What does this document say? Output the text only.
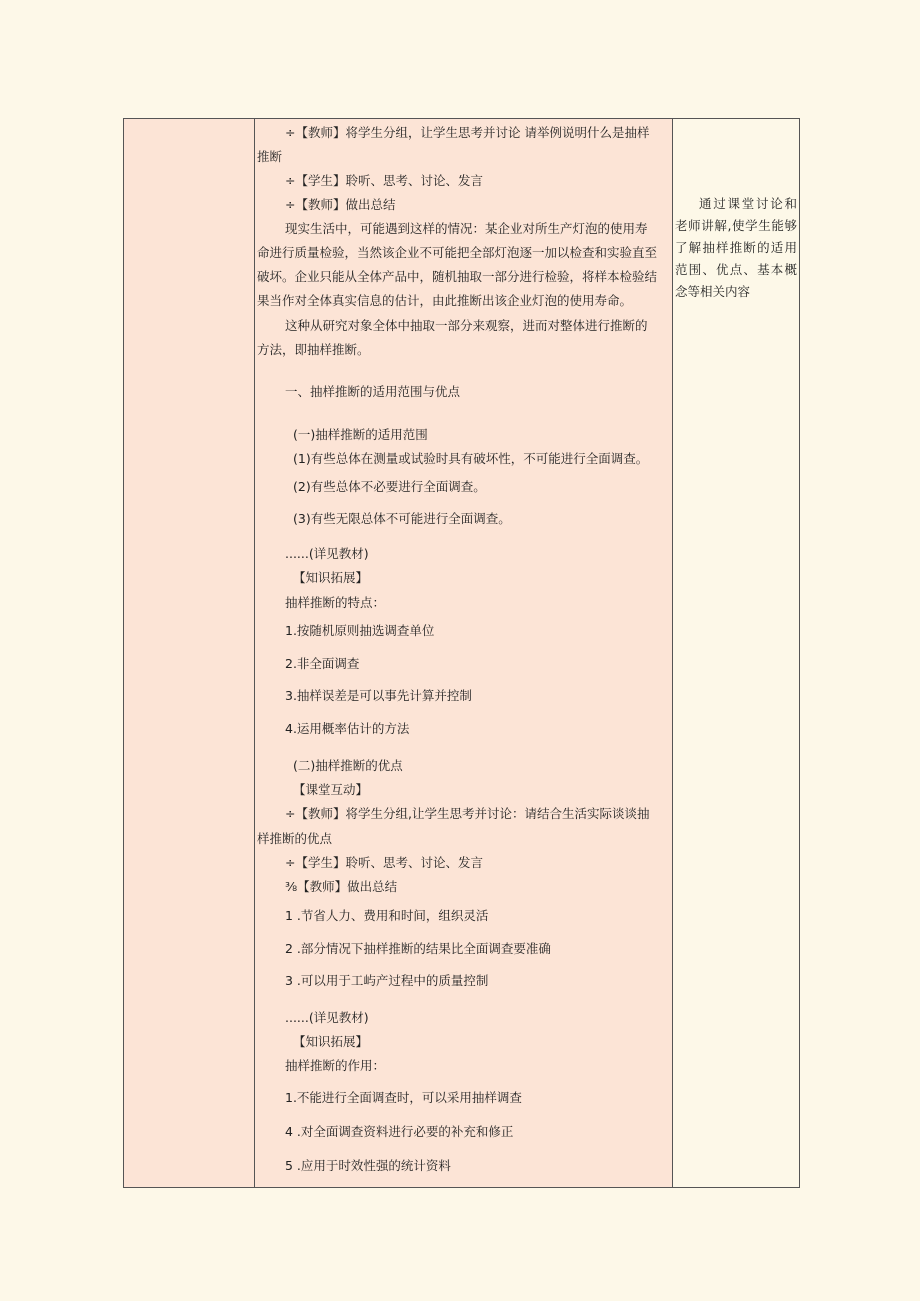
÷【教师】将学生分组，让学生思考并讨论 请举例说明什么是抽样
推断
÷【学生】聆听、思考、讨论、发言
÷【教师】做出总结
现实生活中，可能遇到这样的情况：某企业对所生产灯泡的使用寿
命进行质量检验，当然该企业不可能把全部灯泡逐一加以检查和实验直至
破坏。企业只能从全体产品中，随机抽取一部分进行检验，将样本检验结
果当作对全体真实信息的估计，由此推断出该企业灯泡的使用寿命。
这种从研究对象全体中抽取一部分来观察，进而对整体进行推断的
方法，即抽样推断。
一、抽样推断的适用范围与优点
(一)抽样推断的适用范围
(1)有些总体在测量或试验时具有破坏性，不可能进行全面调查。
(2)有些总体不必要进行全面调查。
(3)有些无限总体不可能进行全面调查。
......(详见教材)
【知识拓展】
抽样推断的特点：
1.按随机原则抽选调查单位
2.非全面调查
3.抽样误差是可以事先计算并控制
4.运用概率估计的方法
(二)抽样推断的优点
【课堂互动】
÷【教师】将学生分组,让学生思考并讨论：请结合生活实际谈谈抽
样推断的优点
÷【学生】聆听、思考、讨论、发言
⅜【教师】做出总结
1 .节省人力、费用和时间，组织灵活
2 .部分情况下抽样推断的结果比全面调查要准确
3 .可以用于工屿产过程中的质量控制
......(详见教材)
【知识拓展】
抽样推断的作用：
1.不能进行全面调查时，可以采用抽样调查
4 .对全面调查资料进行必要的补充和修正
5 .应用于时效性强的统计资料

通过课堂讨论和老师讲解,使学生能够了解抽样推断的适用范围、优点、基本概念等相关内容
